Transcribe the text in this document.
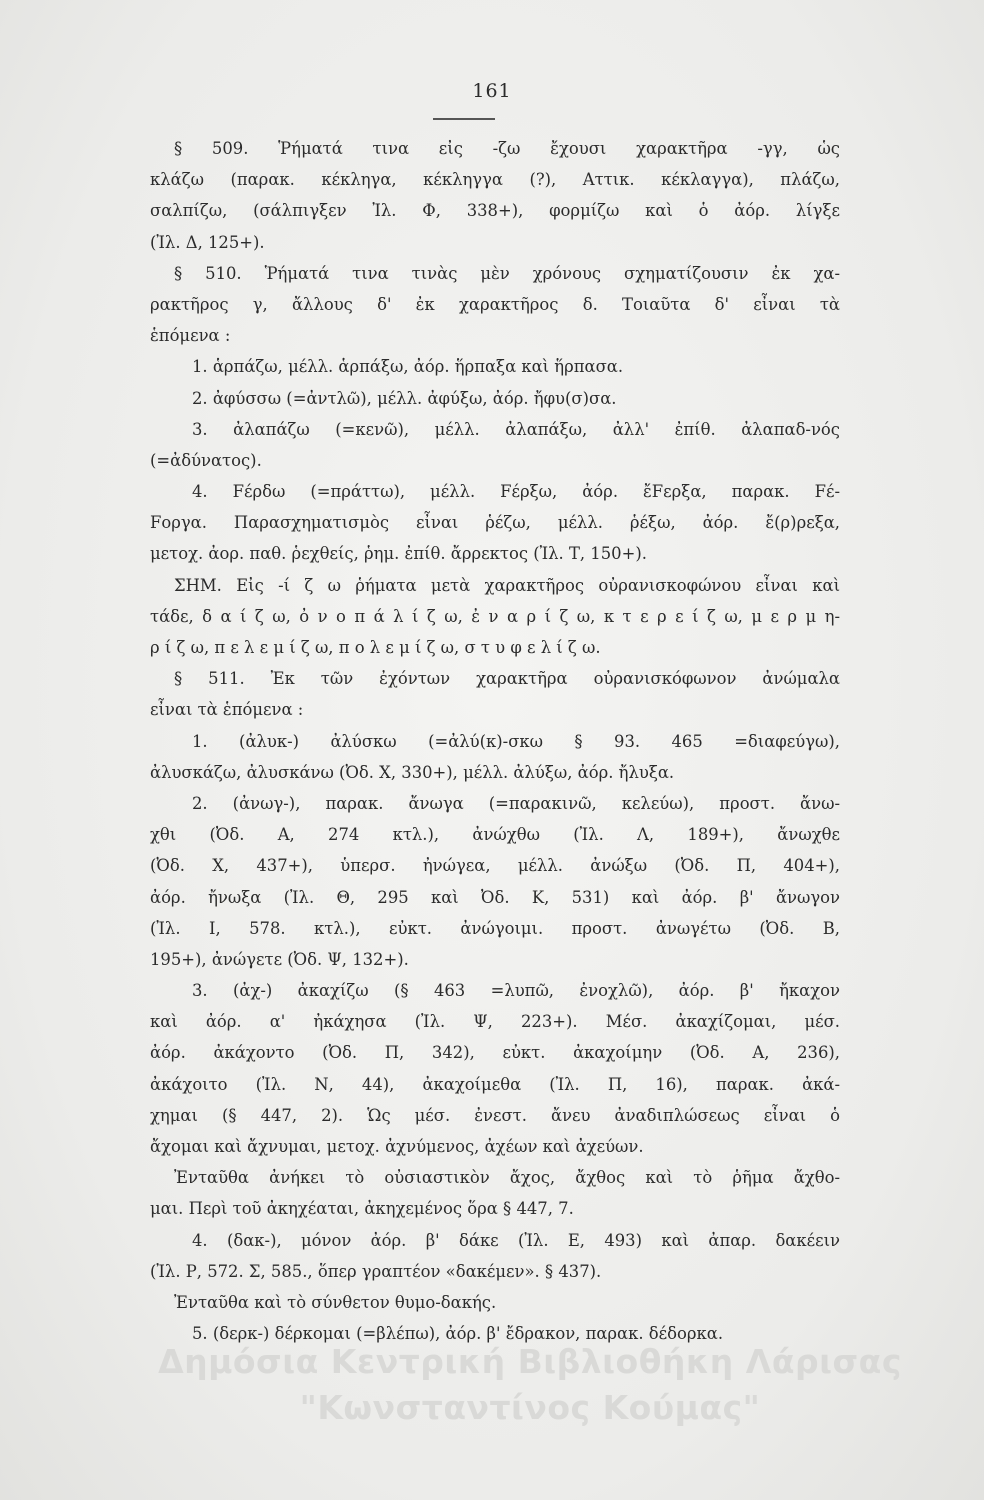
161
§ 509. Ῥήματά τινα εἰς -ζω ἔχουσι χαρακτῆρα -γγ, ὡς
κλάζω (παρακ. κέκληγα, κέκληγγα (?), Αττικ. κέκλαγγα), πλάζω,
σαλπίζω, (σάλπιγξεν Ἰλ. Φ, 338+), φορμίζω καὶ ὁ ἀόρ. λίγξε
(Ἰλ. Δ, 125+).
§ 510. Ῥήματά τινα τινὰς μὲν χρόνους σχηματίζουσιν ἐκ χα-
ρακτῆρος γ, ἄλλους δ' ἐκ χαρακτῆρος δ. Τοιαῦτα δ' εἶναι τὰ
ἑπόμενα :
1. ἁρπάζω, μέλλ. ἁρπάξω, ἀόρ. ἥρπαξα καὶ ἥρπασα.
2. ἀφύσσω (=ἀντλῶ), μέλλ. ἀφύξω, ἀόρ. ἤφυ(σ)σα.
3. ἀλαπάζω (=κενῶ), μέλλ. ἀλαπάξω, ἀλλ' ἐπίθ. ἀλαπαδ-νός
(=ἀδύνατος).
4. Fέρδω (=πράττω), μέλλ. Fέρξω, ἀόρ. ἔFερξα, παρακ. Fέ-
Fοργα. Παρασχηματισμὸς εἶναι ῥέζω, μέλλ. ῥέξω, ἀόρ. ἔ(ρ)ρεξα,
μετοχ. ἀορ. παθ. ῥεχθείς, ῥημ. ἐπίθ. ἄρρεκτος (Ἰλ. Τ, 150+).
ΣΗΜ. Εἰς -ί ζ ω ῥήματα μετὰ χαρακτῆρος οὐρανισκοφώνου εἶναι καὶ
τάδε, δ α ί ζ ω, ὀ ν ο π ά λ ί ζ ω, ἐ ν α ρ ί ζ ω, κ τ ε ρ ε ί ζ ω, μ ε ρ μ η-
ρ ί ζ ω, π ε λ ε μ ί ζ ω, π ο λ ε μ ί ζ ω, σ τ υ φ ε λ ί ζ ω.
§ 511. Ἐκ τῶν ἐχόντων χαρακτῆρα οὐρανισκόφωνον ἀνώμαλα
εἶναι τὰ ἑπόμενα :
1. (ἀλυκ-) ἀλύσκω (=ἀλύ(κ)-σκω § 93. 465 =διαφεύγω),
ἀλυσκάζω, ἀλυσκάνω (Ὀδ. Χ, 330+), μέλλ. ἀλύξω, ἀόρ. ἤλυξα.
2. (ἀνωγ-), παρακ. ἄνωγα (=παρακινῶ, κελεύω), προστ. ἄνω-
χθι (Ὀδ. Α, 274 κτλ.), ἀνώχθω (Ἰλ. Λ, 189+), ἄνωχθε
(Ὀδ. Χ, 437+), ὑπερσ. ἠνώγεα, μέλλ. ἀνώξω (Ὀδ. Π, 404+),
ἀόρ. ἤνωξα (Ἰλ. Θ, 295 καὶ Ὀδ. Κ, 531) καὶ ἀόρ. β' ἄνωγον
(Ἰλ. Ι, 578. κτλ.), εὐκτ. ἀνώγοιμι. προστ. ἀνωγέτω (Ὀδ. Β,
195+), ἀνώγετε (Ὀδ. Ψ, 132+).
3. (ἀχ-) ἀκαχίζω (§ 463 =λυπῶ, ἐνοχλῶ), ἀόρ. β' ἤκαχον
καὶ ἀόρ. α' ἠκάχησα (Ἰλ. Ψ, 223+). Μέσ. ἀκαχίζομαι, μέσ.
ἀόρ. ἀκάχοντο (Ὀδ. Π, 342), εὐκτ. ἀκαχοίμην (Ὀδ. Α, 236),
ἀκάχοιτο (Ἰλ. Ν, 44), ἀκαχοίμεθα (Ἰλ. Π, 16), παρακ. ἀκά-
χημαι (§ 447, 2). Ὡς μέσ. ἐνεστ. ἄνευ ἀναδιπλώσεως εἶναι ὁ
ἄχομαι καὶ ἄχνυμαι, μετοχ. ἀχνύμενος, ἀχέων καὶ ἀχεύων.
Ἐνταῦθα ἀνήκει τὸ οὐσιαστικὸν ἄχος, ἄχθος καὶ τὸ ῥῆμα ἄχθο-
μαι. Περὶ τοῦ ἀκηχέαται, ἀκηχεμένος ὅρα § 447, 7.
4. (δακ-), μόνον ἀόρ. β' δάκε (Ἰλ. Ε, 493) καὶ ἀπαρ. δακέειν
(Ἰλ. Ρ, 572. Σ, 585., ὅπερ γραπτέον «δακέμεν». § 437).
Ἐνταῦθα καὶ τὸ σύνθετον θυμο-δακής.
5. (δερκ-) δέρκομαι (=βλέπω), ἀόρ. β' ἔδρακον, παρακ. δέδορκα.
Δημόσια Κεντρική Βιβλιοθήκη Λάρισας
"Κωνσταντίνος Κούμας"
